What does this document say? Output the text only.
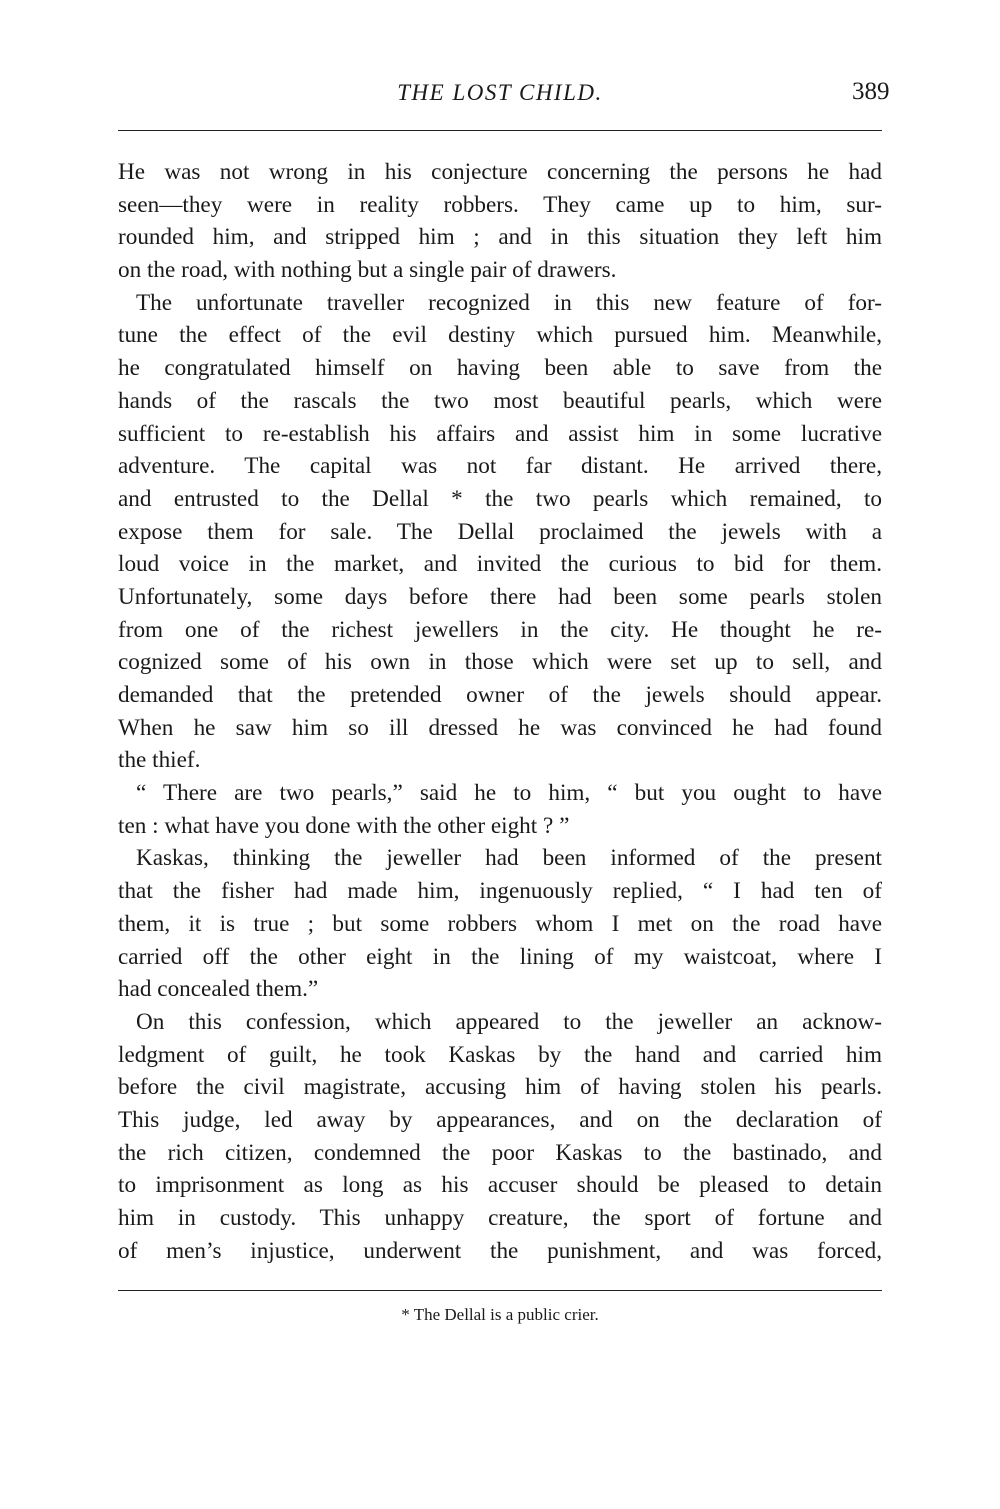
THE LOST CHILD.	389
He was not wrong in his conjecture concerning the persons he had
seen—they were in reality robbers. They came up to him, sur-
rounded him, and stripped him ; and in this situation they left him
on the road, with nothing but a single pair of drawers.
The unfortunate traveller recognized in this new feature of for-
tune the effect of the evil destiny which pursued him. Meanwhile,
he congratulated himself on having been able to save from the
hands of the rascals the two most beautiful pearls, which were
sufficient to re-establish his affairs and assist him in some lucrative
adventure. The capital was not far distant. He arrived there,
and entrusted to the Dellal * the two pearls which remained, to
expose them for sale. The Dellal proclaimed the jewels with a
loud voice in the market, and invited the curious to bid for them.
Unfortunately, some days before there had been some pearls stolen
from one of the richest jewellers in the city. He thought he re-
cognized some of his own in those which were set up to sell, and
demanded that the pretended owner of the jewels should appear.
When he saw him so ill dressed he was convinced he had found
the thief.
“ There are two pearls,” said he to him, “ but you ought to have
ten : what have you done with the other eight ? ”
Kaskas, thinking the jeweller had been informed of the present
that the fisher had made him, ingenuously replied, “ I had ten of
them, it is true ; but some robbers whom I met on the road have
carried off the other eight in the lining of my waistcoat, where I
had concealed them.”
On this confession, which appeared to the jeweller an acknow-
ledgment of guilt, he took Kaskas by the hand and carried him
before the civil magistrate, accusing him of having stolen his pearls.
This judge, led away by appearances, and on the declaration of
the rich citizen, condemned the poor Kaskas to the bastinado, and
to imprisonment as long as his accuser should be pleased to detain
him in custody. This unhappy creature, the sport of fortune and
of men’s injustice, underwent the punishment, and was forced,
* The Dellal is a public crier.
